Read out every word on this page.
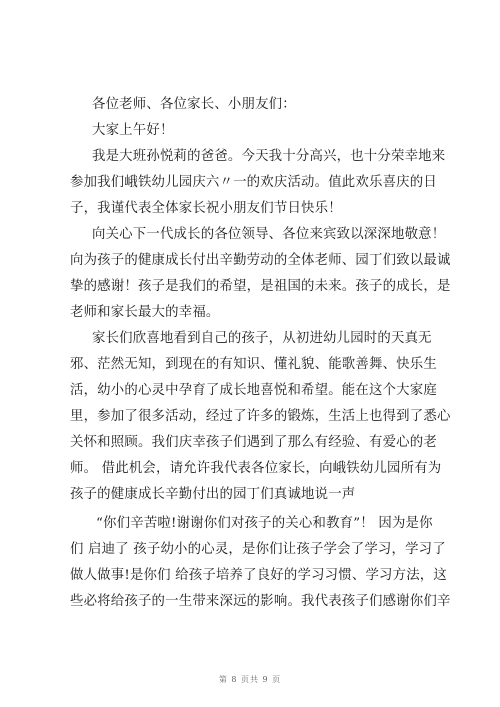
各位老师、各位家长、小朋友们：
大家上午好！
我是大班孙悦莉的爸爸。今天我十分高兴，也十分荣幸地来
参加我们峨铁幼儿园庆六〃一的欢庆活动。值此欢乐喜庆的日
子，我谨代表全体家长祝小朋友们节日快乐！
向关心下一代成长的各位领导、各位来宾致以深深地敬意！
向为孩子的健康成长付出辛勤劳动的全体老师、园丁们致以最诚
挚的感谢！孩子是我们的希望，是祖国的未来。孩子的成长，是
老师和家长最大的幸福。
家长们欣喜地看到自己的孩子，从初进幼儿园时的天真无
邪、茫然无知，到现在的有知识、懂礼貌、能歌善舞、快乐生
活，幼小的心灵中孕育了成长地喜悦和希望。能在这个大家庭
里，参加了很多活动，经过了许多的锻炼，生活上也得到了悉心
关怀和照顾。我们庆幸孩子们遇到了那么有经验、有爱心的老
师。 借此机会，请允许我代表各位家长，向峨铁幼儿园所有为
孩子的健康成长辛勤付出的园丁们真诚地说一声
“你们辛苦啦!谢谢你们对孩子的关心和教育”！ 因为是你
们 启迪了 孩子幼小的心灵，是你们让孩子学会了学习，学习了
做人做事!是你们 给孩子培养了良好的学习习惯、学习方法，这
些必将给孩子的一生带来深远的影响。我代表孩子们感谢你们辛
第 8 页共 9 页
